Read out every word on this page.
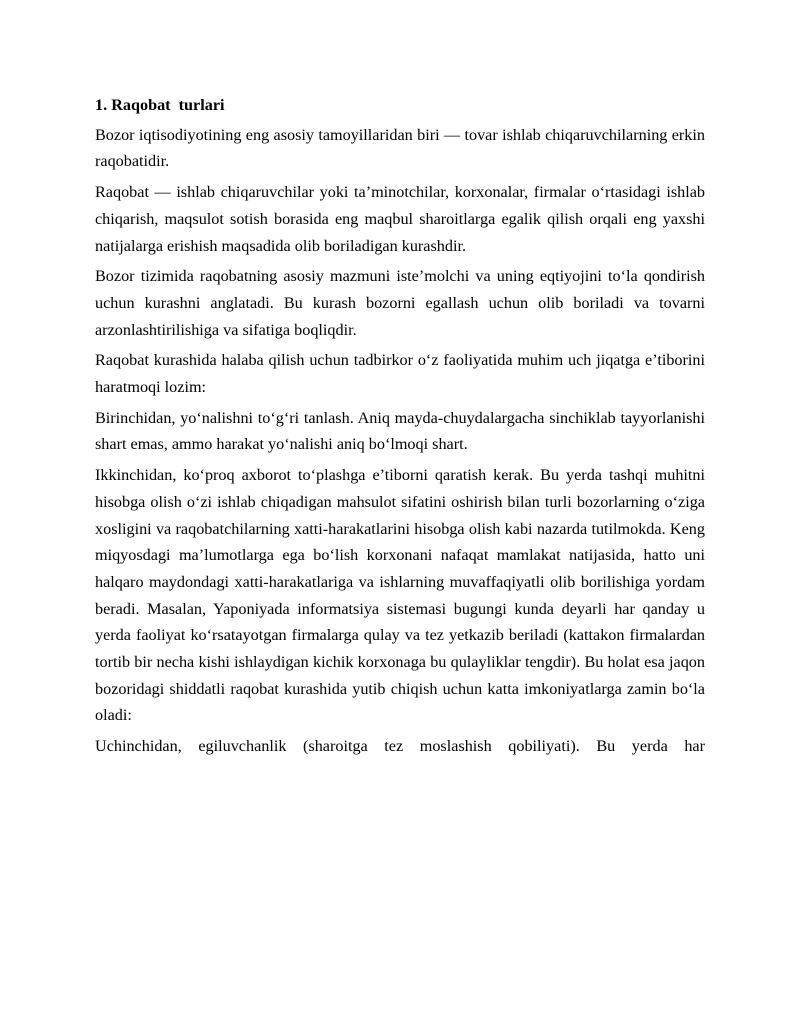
1. Raqobat  turlari

Bozor iqtisodiyotining eng asosiy tamoyillaridan biri — tovar ishlab chiqaruvchilarning erkin raqobatidir.

Raqobat — ishlab chiqaruvchilar yoki ta’minotchilar, korxonalar, firmalar o‘rtasidagi ishlab chiqarish, maqsulot sotish borasida eng maqbul sharoitlarga egalik qilish orqali eng yaxshi natijalarga erishish maqsadida olib boriladigan kurashdir.

Bozor tizimida raqobatning asosiy mazmuni iste’molchi va uning eqtiyojini to‘la qondirish uchun kurashni anglatadi. Bu kurash bozorni egallash uchun olib boriladi va tovarni arzonlashtirilishiga va sifatiga boqliqdir.

Raqobat kurashida halaba qilish uchun tadbirkor o‘z faoliyatida muhim uch jiqatga e’tiborini haratmoqi lozim:

Birinchidan, yo‘nalishni to‘g‘ri tanlash. Aniq mayda-chuydalargacha sinchiklab tayyorlanishi shart emas, ammo harakat yo‘nalishi aniq bo‘lmoqi shart.

Ikkinchidan, ko‘proq axborot to‘plashga e’tiborni qaratish kerak. Bu yerda tashqi muhitni hisobga olish o‘zi ishlab chiqadigan mahsulot sifatini oshirish bilan turli bozorlarning o‘ziga xosligini va raqobatchilarning xatti-harakatlarini hisobga olish kabi nazarda tutilmokda. Keng miqyosdagi ma’lumotlarga ega bo‘lish korxonani nafaqat mamlakat natijasida, hatto uni halqaro maydondagi xatti-harakatlariga va ishlarning muvaffaqiyatli olib borilishiga yordam beradi. Masalan, Yaponiyada informatsiya sistemasi bugungi kunda deyarli har qanday u yerda faoliyat ko‘rsatayotgan firmalarga qulay va tez yetkazib beriladi (kattakon firmalardan tortib bir necha kishi ishlaydigan kichik korxonaga bu qulayliklar tengdir). Bu holat esa jaqon bozoridagi shiddatli raqobat kurashida yutib chiqish uchun katta imkoniyatlarga zamin bo‘la oladi:

Uchinchidan, egiluvchanlik (sharoitga tez moslashish qobiliyati). Bu yerda har
